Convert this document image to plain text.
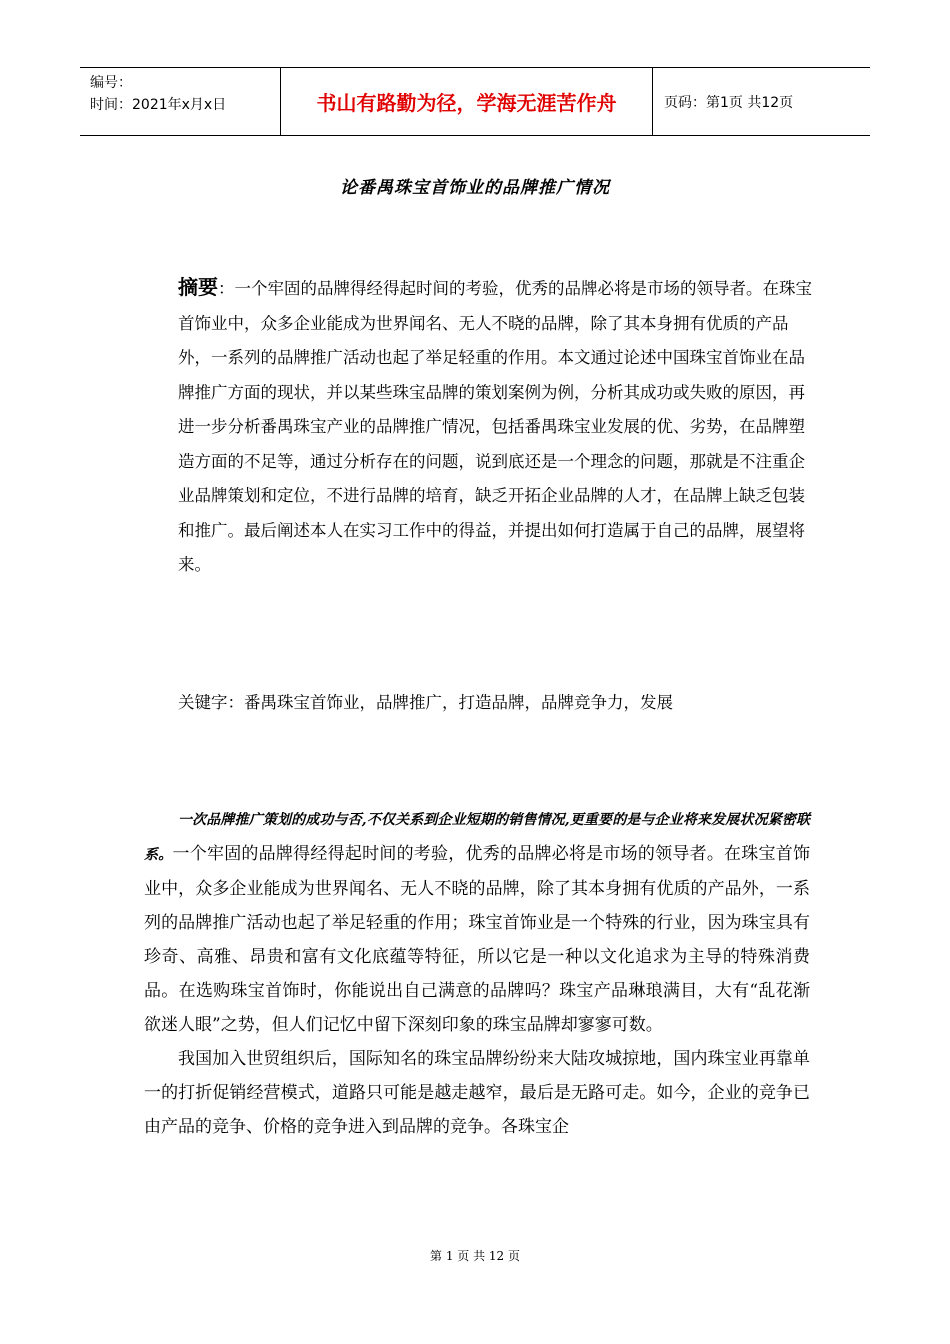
编号：
时间：2021年x月x日	书山有路勤为径，学海无涯苦作舟	页码：第1页 共12页
论番禺珠宝首饰业的品牌推广情况
摘要：一个牢固的品牌得经得起时间的考验，优秀的品牌必将是市场的领导者。在珠宝首饰业中，众多企业能成为世界闻名、无人不晓的品牌，除了其本身拥有优质的产品外，一系列的品牌推广活动也起了举足轻重的作用。本文通过论述中国珠宝首饰业在品牌推广方面的现状，并以某些珠宝品牌的策划案例为例，分析其成功或失败的原因，再进一步分析番禺珠宝产业的品牌推广情况，包括番禺珠宝业发展的优、劣势，在品牌塑造方面的不足等，通过分析存在的问题，说到底还是一个理念的问题，那就是不注重企业品牌策划和定位，不进行品牌的培育，缺乏开拓企业品牌的人才，在品牌上缺乏包装和推广。最后阐述本人在实习工作中的得益，并提出如何打造属于自己的品牌，展望将来。
关键字：番禺珠宝首饰业，品牌推广，打造品牌，品牌竞争力，发展

一次品牌推广策划的成功与否,不仅关系到企业短期的销售情况,更重要的是与企业将来发展状况紧密联系。一个牢固的品牌得经得起时间的考验，优秀的品牌必将是市场的领导者。在珠宝首饰业中，众多企业能成为世界闻名、无人不晓的品牌，除了其本身拥有优质的产品外，一系列的品牌推广活动也起了举足轻重的作用；珠宝首饰业是一个特殊的行业，因为珠宝具有珍奇、高雅、昂贵和富有文化底蕴等特征，所以它是一种以文化追求为主导的特殊消费品。在选购珠宝首饰时，你能说出自己满意的品牌吗？珠宝产品琳琅满目，大有“乱花渐欲迷人眼”之势，但人们记忆中留下深刻印象的珠宝品牌却寥寥可数。

我国加入世贸组织后，国际知名的珠宝品牌纷纷来大陆攻城掠地，国内珠宝业再靠单一的打折促销经营模式，道路只可能是越走越窄，最后是无路可走。如今，企业的竞争已由产品的竞争、价格的竞争进入到品牌的竞争。各珠宝企

第 1 页 共 12 页
